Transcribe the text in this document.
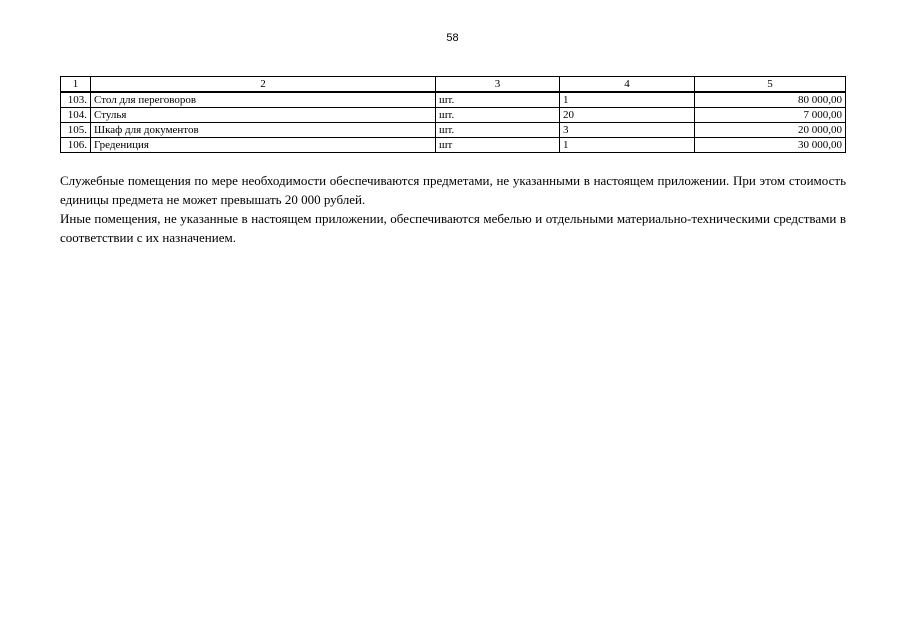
58
1	2	3	4	5
103.	Стол для переговоров	шт.	1	80 000,00
104.	Стулья	шт.	20	7 000,00
105.	Шкаф для документов	шт.	3	20 000,00
106.	Гредениция	шт	1	30 000,00

Служебные помещения по мере необходимости обеспечиваются предметами, не указанными в настоящем приложении. При этом стоимость единицы предмета не может превышать 20 000 рублей.

Иные помещения, не указанные в настоящем приложении, обеспечиваются мебелью и отдельными материально-техническими средствами в соответствии с их назначением.
